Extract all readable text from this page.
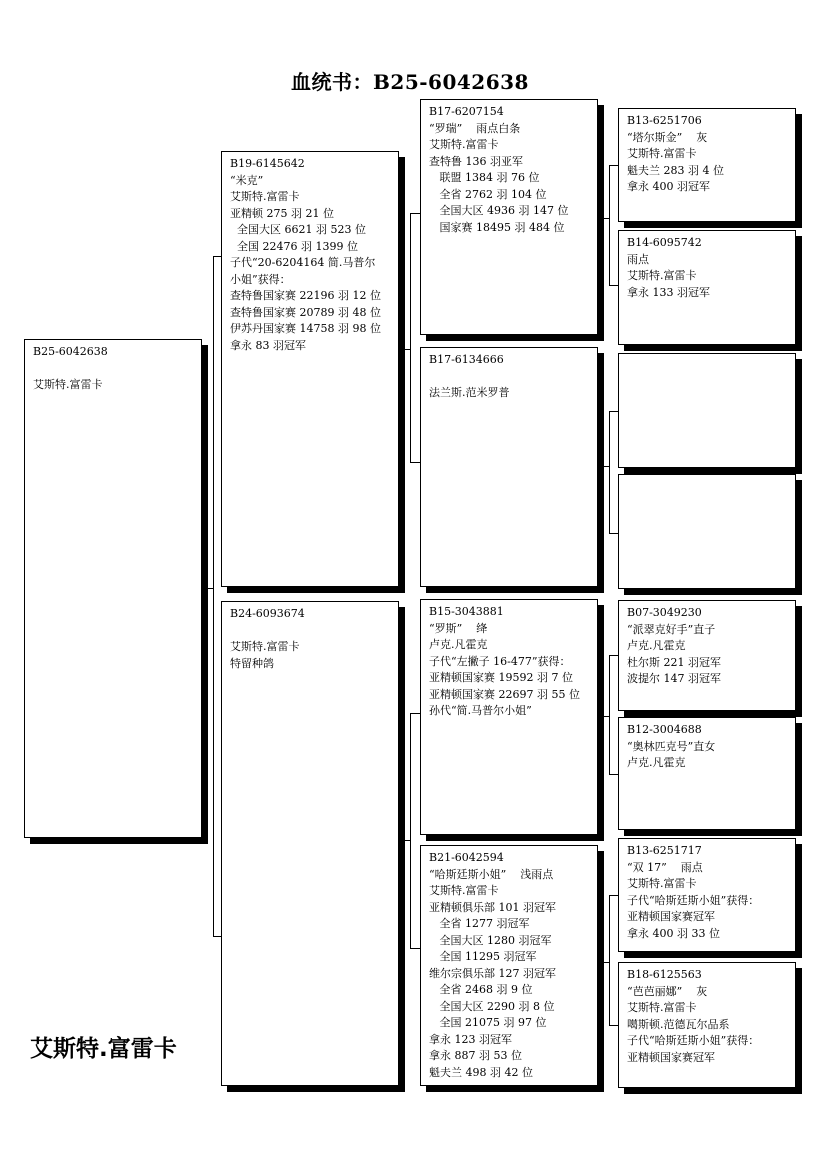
血统书：B25-6042638
B25-6042638
艾斯特.富雷卡
B19-6145642
“米克”
艾斯特.富雷卡
亚精顿 275 羽 21 位
全国大区 6621 羽 523 位
全国 22476 羽 1399 位
子代“20-6204164 简.马普尔
小姐”获得：
查特鲁国家赛 22196 羽 12 位
查特鲁国家赛 20789 羽 48 位
伊苏丹国家赛 14758 羽 98 位
拿永 83 羽冠军
B24-6093674
艾斯特.富雷卡
特留种鸽
B17-6207154
“罗瑞”    雨点白条
艾斯特.富雷卡
查特鲁 136 羽亚军
联盟 1384 羽 76 位
全省 2762 羽 104 位
全国大区 4936 羽 147 位
国家赛 18495 羽 484 位
B17-6134666
法兰斯.范米罗普
B15-3043881
“罗斯”    绛
卢克.凡霍克
子代“左撇子 16-477”获得：
亚精顿国家赛 19592 羽 7 位
亚精顿国家赛 22697 羽 55 位
孙代“简.马普尔小姐”
B21-6042594
“哈斯廷斯小姐”    浅雨点
艾斯特.富雷卡
亚精顿俱乐部 101 羽冠军
全省 1277 羽冠军
全国大区 1280 羽冠军
全国 11295 羽冠军
维尔宗俱乐部 127 羽冠军
全省 2468 羽 9 位
全国大区 2290 羽 8 位
全国 21075 羽 97 位
拿永 123 羽冠军
拿永 887 羽 53 位
魁夫兰 498 羽 42 位
B13-6251706
“塔尔斯金”    灰
艾斯特.富雷卡
魁夫兰 283 羽 4 位
拿永 400 羽冠军
B14-6095742
雨点
艾斯特.富雷卡
拿永 133 羽冠军
B07-3049230
“派翠克好手”直子
卢克.凡霍克
杜尔斯 221 羽冠军
波提尔 147 羽冠军
B12-3004688
“奥林匹克号”直女
卢克.凡霍克
B13-6251717
“双 17”    雨点
艾斯特.富雷卡
子代“哈斯廷斯小姐”获得：
亚精顿国家赛冠军
拿永 400 羽 33 位
B18-6125563
“芭芭丽娜”    灰
艾斯特.富雷卡
噶斯顿.范德瓦尔品系
子代“哈斯廷斯小姐”获得：
亚精顿国家赛冠军
艾斯特.富雷卡
